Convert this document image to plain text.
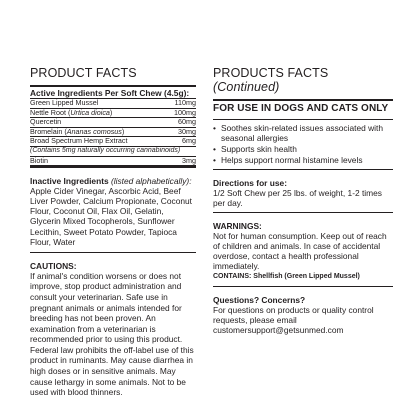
PRODUCT FACTS
Active Ingredients Per Soft Chew (4.5g):
Green Lipped Mussel	110mg
Nettle Root (Urtica dioica)	100mg
Quercetin	60mg
Bromelain (Ananas comosus)	30mg
Broad Spectrum Hemp Extract	6mg
(Contains 5mg naturally occurring cannabinoids)
Biotin	3mg
Inactive Ingredients (listed alphabetically):
Apple Cider Vinegar, Ascorbic Acid, Beef Liver Powder, Calcium Propionate, Coconut Flour, Coconut Oil, Flax Oil, Gelatin, Glycerin Mixed Tocopherols, Sunflower Lecithin, Sweet Potato Powder, Tapioca Flour, Water
CAUTIONS:
If animal's condition worsens or does not improve, stop product administration and consult your veterinarian. Safe use in pregnant animals or animals intended for breeding has not been proven. An examination from a veterinarian is recommended prior to using this product. Federal law prohibits the off-label use of this product in ruminants. May cause diarrhea in high doses or in sensitive animals. May cause lethargy in some animals. Not to be used with blood thinners.
PRODUCTS FACTS (Continued)
FOR USE IN DOGS AND CATS ONLY
• Soothes skin-related issues associated with seasonal allergies
• Supports skin health
• Helps support normal histamine levels
Directions for use:
1/2 Soft Chew per 25 lbs. of weight, 1-2 times per day.
WARNINGS:
Not for human consumption. Keep out of reach of children and animals. In case of accidental overdose, contact a health professional immediately.
CONTAINS: Shellfish (Green Lipped Mussel)
Questions? Concerns?
For questions on products or quality control requests, please email
customersupport@getsunmed.com
